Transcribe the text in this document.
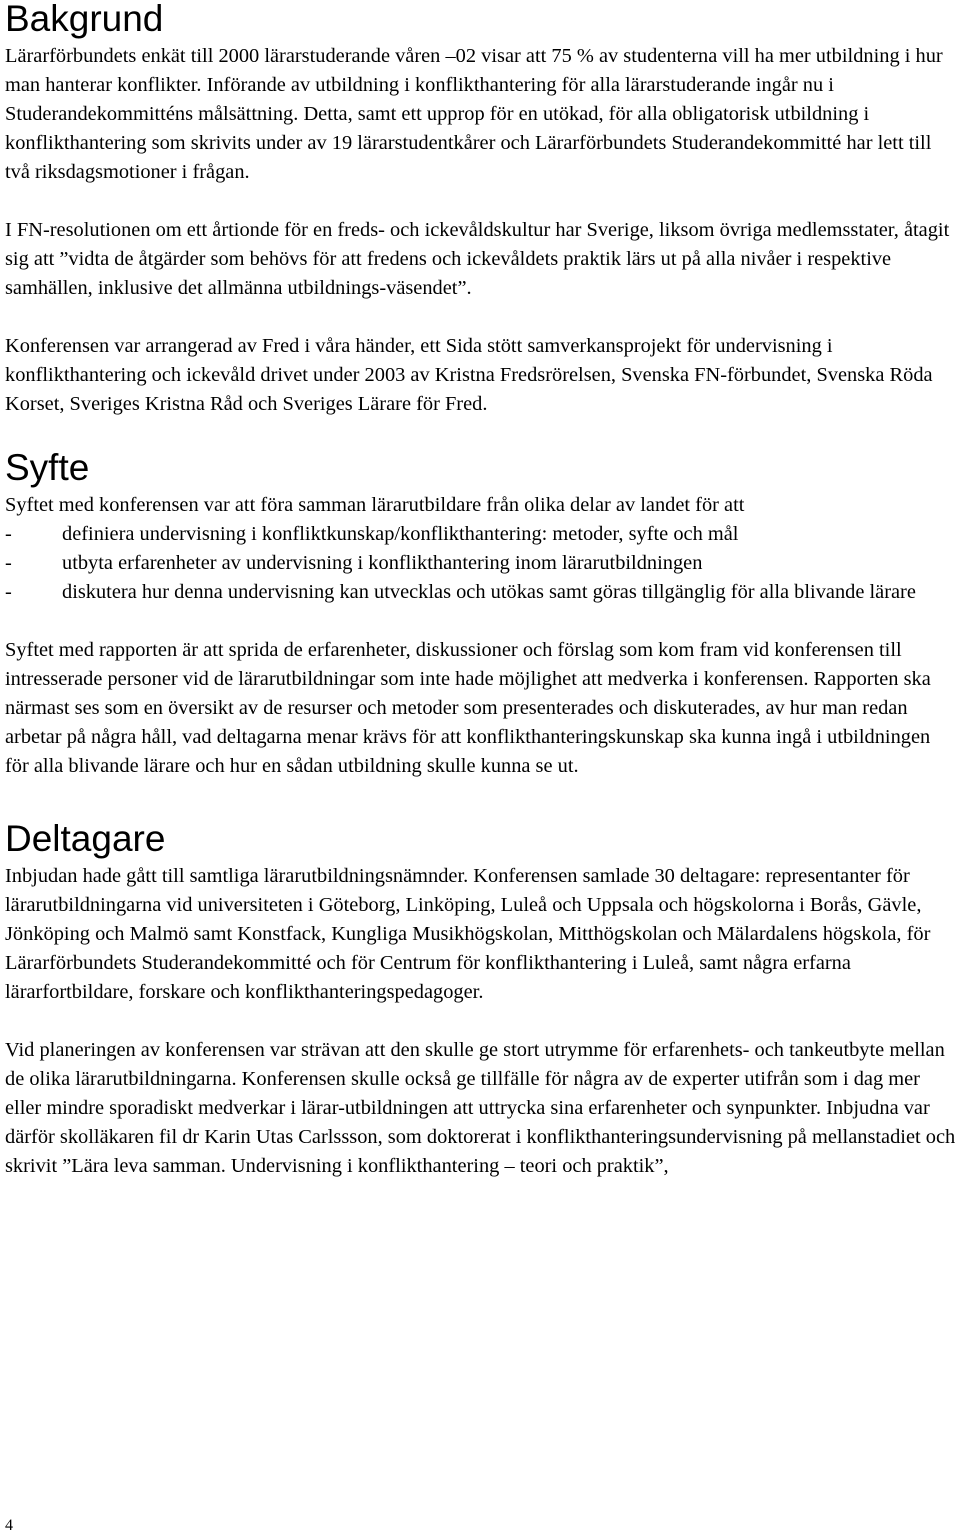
Bakgrund

Lärarförbundets enkät till 2000 lärarstuderande våren –02 visar att 75 % av studenterna vill ha mer utbildning i hur man hanterar konflikter. Införande av utbildning i konflikthantering för alla lärarstuderande ingår nu i Studerandekommitténs målsättning. Detta, samt ett upprop för en utökad, för alla obligatorisk utbildning i konflikthantering som skrivits under av 19 lärarstudentkårer och Lärarförbundets Studerandekommitté har lett till två riksdagsmotioner i frågan.

I FN-resolutionen om ett årtionde för en freds- och ickevåldskultur har Sverige, liksom övriga medlemsstater, åtagit sig att ”vidta de åtgärder som behövs för att fredens och ickevåldets praktik lärs ut på alla nivåer i respektive samhällen, inklusive det allmänna utbildnings-väsendet”.

Konferensen var arrangerad av Fred i våra händer, ett Sida stött samverkansprojekt för undervisning i konflikthantering och ickevåld drivet under 2003 av Kristna Fredsrörelsen, Svenska FN-förbundet, Svenska Röda Korset, Sveriges Kristna Råd och Sveriges Lärare för Fred.

Syfte

Syftet med konferensen var att föra samman lärarutbildare från olika delar av landet för att

- definiera undervisning i konfliktkunskap/konflikthantering: metoder, syfte och mål
- utbyta erfarenheter av undervisning i konflikthantering inom lärarutbildningen
- diskutera hur denna undervisning kan utvecklas och utökas samt göras tillgänglig för alla blivande lärare

Syftet med rapporten är att sprida de erfarenheter, diskussioner och förslag som kom fram vid konferensen till intresserade personer vid de lärarutbildningar som inte hade möjlighet att medverka i konferensen. Rapporten ska närmast ses som en översikt av de resurser och metoder som presenterades och diskuterades, av hur man redan arbetar på några håll, vad deltagarna menar krävs för att konflikthanteringskunskap ska kunna ingå i utbildningen för alla blivande lärare och hur en sådan utbildning skulle kunna se ut.

Deltagare

Inbjudan hade gått till samtliga lärarutbildningsnämnder. Konferensen samlade 30 deltagare: representanter för lärarutbildningarna vid universiteten i Göteborg, Linköping, Luleå och Uppsala och högskolorna i Borås, Gävle, Jönköping och Malmö samt Konstfack, Kungliga Musikhögskolan, Mitthögskolan och Mälardalens högskola, för Lärarförbundets Studerandekommitté och för Centrum för konflikthantering i Luleå, samt några erfarna lärarfortbildare, forskare och konflikthanteringspedagoger.

Vid planeringen av konferensen var strävan att den skulle ge stort utrymme för erfarenhets- och tankeutbyte mellan de olika lärarutbildningarna. Konferensen skulle också ge tillfälle för några av de experter utifrån som i dag mer eller mindre sporadiskt medverkar i lärar-utbildningen att uttrycka sina erfarenheter och synpunkter. Inbjudna var därför skolläkaren fil dr Karin Utas Carlssson, som doktorerat i konflikthanteringsundervisning på mellanstadiet och skrivit ”Lära leva samman. Undervisning i konflikthantering – teori och praktik”,

4
